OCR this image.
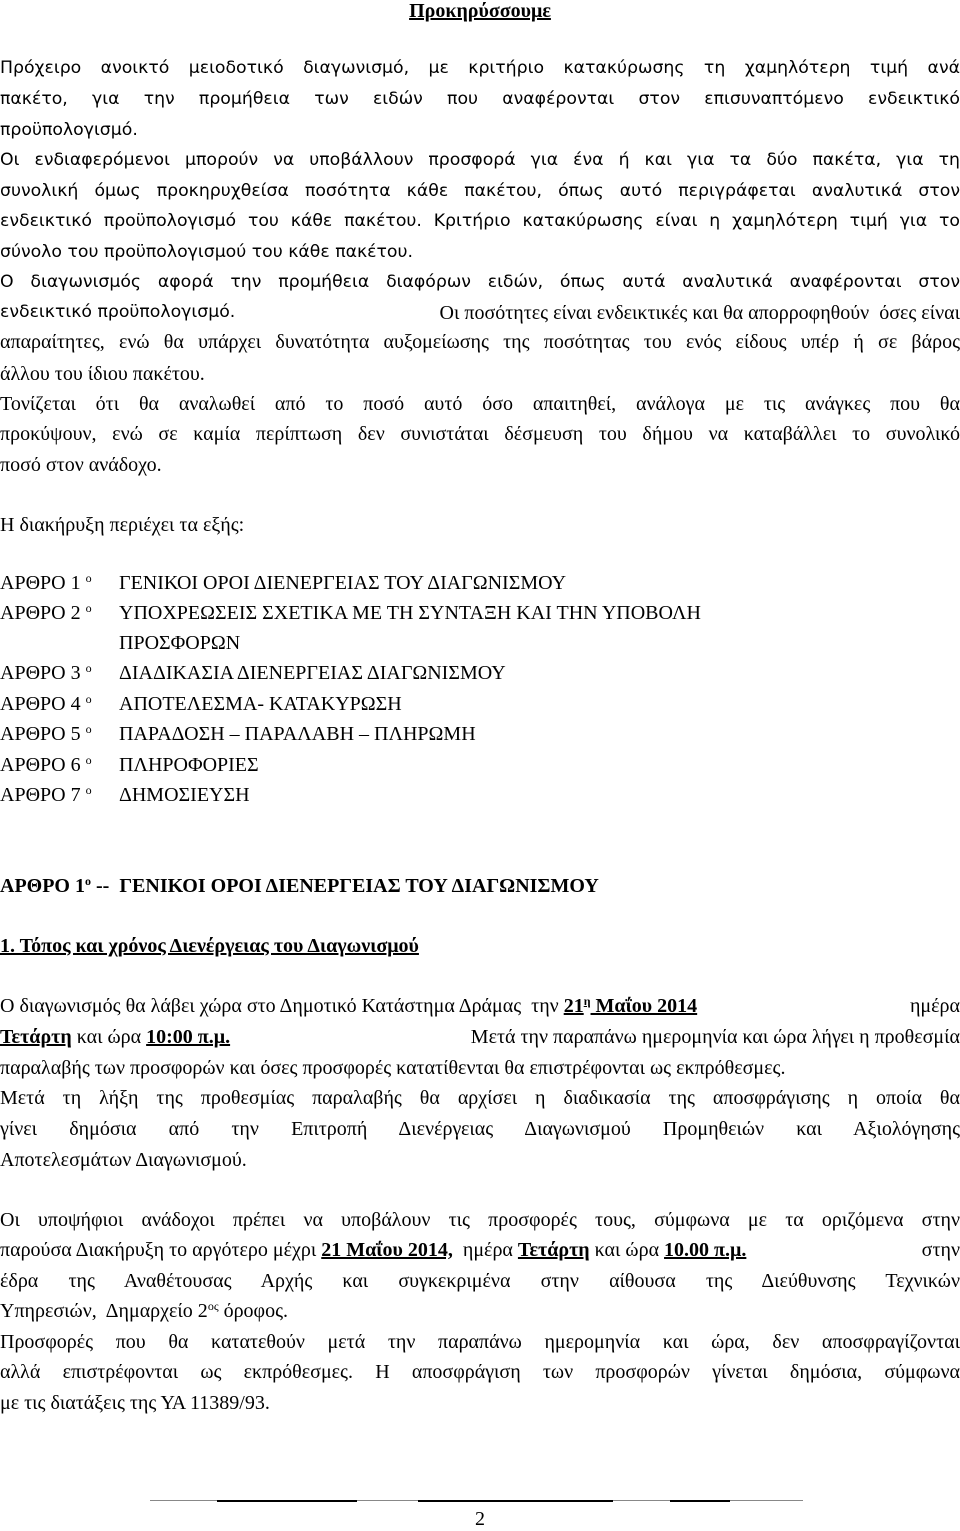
Προκηρύσσουμε
Πρόχειρο ανοικτό μειοδοτικό διαγωνισμό, με κριτήριο κατακύρωσης τη χαμηλότερη τιμή ανά
πακέτο, για την προμήθεια των ειδών που αναφέρονται στον επισυναπτόμενο ενδεικτικό
προϋπολογισμό.
Οι ενδιαφερόμενοι μπορούν να υποβάλλουν προσφορά για ένα ή και για τα δύο πακέτα, για τη
συνολική όμως προκηρυχθείσα ποσότητα κάθε πακέτου, όπως αυτό περιγράφεται αναλυτικά στον
ενδεικτικό προϋπολογισμό του κάθε πακέτου. Κριτήριο κατακύρωσης είναι η χαμηλότερη τιμή για το
σύνολο του προϋπολογισμού του κάθε πακέτου.
Ο διαγωνισμός αφορά την προμήθεια διαφόρων ειδών, όπως αυτά αναλυτικά αναφέρονται στον
ενδεικτικό προϋπολογισμό.	Οι ποσότητες είναι ενδεικτικές και θα απορροφηθούν  όσες είναι
απαραίτητες, ενώ θα υπάρχει δυνατότητα αυξομείωσης της ποσότητας του ενός είδους υπέρ ή σε βάρος
άλλου του ίδιου πακέτου.
Τονίζεται ότι θα αναλωθεί από το ποσό αυτό όσο απαιτηθεί, ανάλογα με τις ανάγκες που θα
προκύψουν, ενώ σε καμία περίπτωση δεν συνιστάται δέσμευση του δήμου να καταβάλλει το συνολικό
ποσό στον ανάδοχο.
Η διακήρυξη περιέχει τα εξής:
ΑΡΘΡΟ 1 $^o$ ΓΕΝΙΚΟΙ ΟΡΟΙ ΔΙΕΝΕΡΓΕΙΑΣ ΤΟΥ ΔΙΑΓΩΝΙΣΜΟΥ
ΑΡΘΡΟ 2 $^o$ ΥΠΟΧΡΕΩΣΕΙΣ ΣΧΕΤΙΚΑ ΜΕ ΤΗ ΣΥΝΤΑΞΗ ΚΑΙ ΤΗΝ ΥΠΟΒΟΛΗ
ΠΡΟΣΦΟΡΩΝ
ΑΡΘΡΟ 3 $^o$ ΔΙΑΔΙΚΑΣΙΑ ΔΙΕΝΕΡΓΕΙΑΣ ΔΙΑΓΩΝΙΣΜΟΥ
ΑΡΘΡΟ 4 $^o$ ΑΠΟΤΕΛΕΣΜΑ- ΚΑΤΑΚΥΡΩΣΗ
ΑΡΘΡΟ 5 $^o$ ΠΑΡΑΔΟΣΗ – ΠΑΡΑΛΑΒΗ – ΠΛΗΡΩΜΗ
ΑΡΘΡΟ 6 $^o$ ΠΛΗΡΟΦΟΡΙΕΣ
ΑΡΘΡΟ 7 $^o$ ΔΗΜΟΣΙΕΥΣΗ
ΑΡΘΡΟ $1^o$ --  ΓΕΝΙΚΟΙ ΟΡΟΙ ΔΙΕΝΕΡΓΕΙΑΣ ΤΟΥ ΔΙΑΓΩΝΙΣΜΟΥ
1. Τόπος και χρόνος Διενέργειας του Διαγωνισμού
Ο διαγωνισμός θα λάβει χώρα στο Δημοτικό Κατάστημα Δράμας  την $21^\eta$ Μαΐου 2014	ημέρα
Τετάρτη και ώρα 10:00 π.μ.	Μετά την παραπάνω ημερομηνία και ώρα λήγει η προθεσμία
παραλαβής των προσφορών και όσες προσφορές κατατίθενται θα επιστρέφονται ως εκπρόθεσμες.
Μετά τη λήξη της προθεσμίας παραλαβής θα αρχίσει η διαδικασία της αποσφράγισης η οποία θα
γίνει δημόσια από την Επιτροπή Διενέργειας Διαγωνισμού Προμηθειών και Αξιολόγησης
Αποτελεσμάτων Διαγωνισμού.
Οι υποψήφιοι ανάδοχοι πρέπει να υποβάλουν τις προσφορές τους, σύμφωνα με τα οριζόμενα στην
παρούσα Διακήρυξη το αργότερο μέχρι 21 Μαΐου 2014,  ημέρα Τετάρτη και ώρα 10.00 π.μ.	στην
έδρα της Αναθέτουσας Αρχής και συγκεκριμένα στην αίθουσα της Διεύθυνσης Τεχνικών
Υπηρεσιών,  Δημαρχείο $2^{o\varsigma}$ όροφος.
Προσφορές που θα κατατεθούν μετά την παραπάνω ημερομηνία και ώρα, δεν αποσφραγίζονται
αλλά επιστρέφονται ως εκπρόθεσμες. Η αποσφράγιση των προσφορών γίνεται δημόσια, σύμφωνα
με τις διατάξεις της ΥΑ 11389/93.
2
